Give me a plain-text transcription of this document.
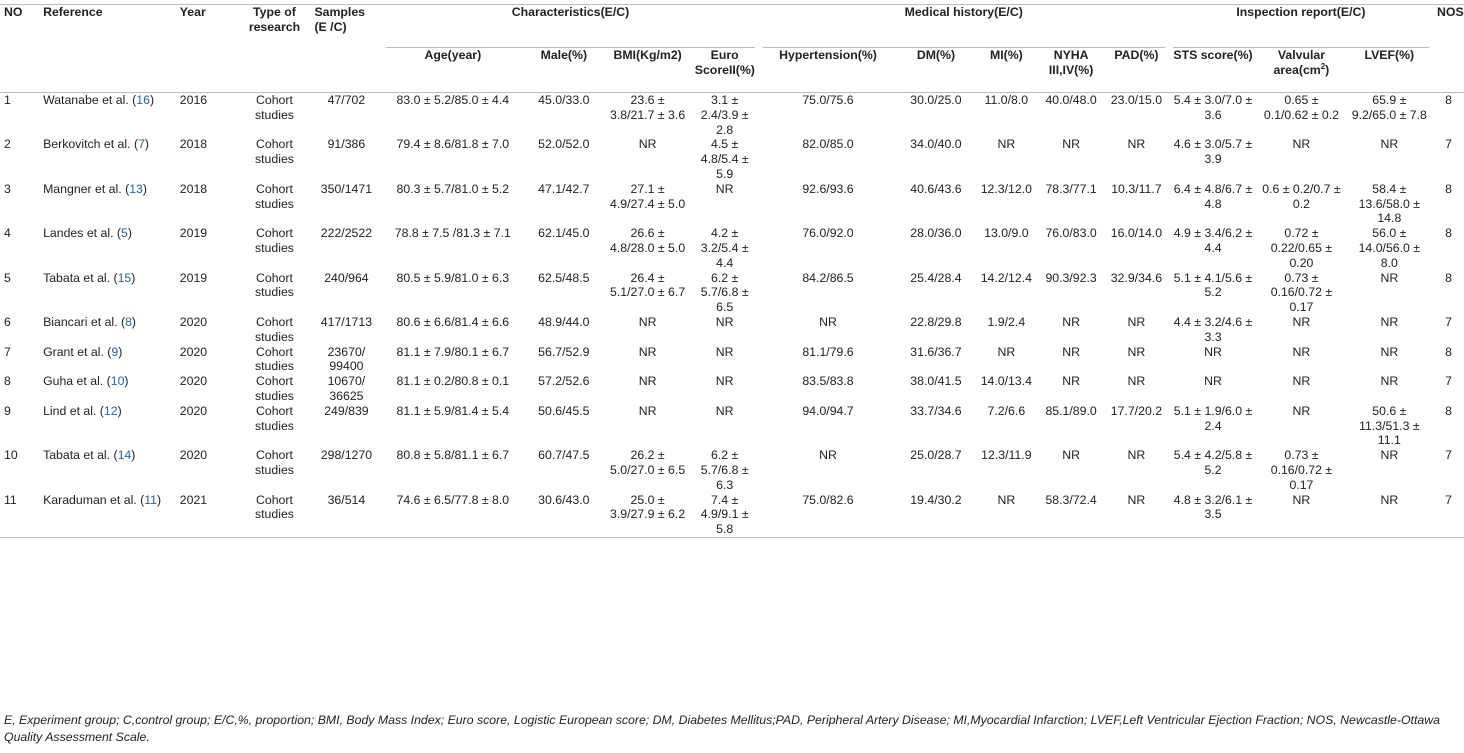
NO	Reference	Year	Type of research	Samples (E /C)	Characteristics(E/C)				Medical history(E/C)					Inspection report(E/C)			NOS
					Age(year)	Male(%)	BMI(Kg/m2)	Euro ScoreII(%)	Hypertension(%)	DM(%)	MI(%)	NYHA III,IV(%)	PAD(%)	STS score(%)	Valvular $area(cm^2)$	LVEF(%)	
1	Watanabe et al. (16)	2016	Cohort studies	47/702	83.0 ± 5.2/85.0 ± 4.4	45.0/33.0	23.6 ± 3.8/21.7 ± 3.6	3.1 ± 2.4/3.9 ± 2.8	75.0/75.6	30.0/25.0	11.0/8.0	40.0/48.0	23.0/15.0	5.4 ± 3.0/7.0 ± 3.6	0.65 ± 0.1/0.62 ± 0.2	65.9 ± 9.2/65.0 ± 7.8	8
2	Berkovitch et al. (7)	2018	Cohort studies	91/386	79.4 ± 8.6/81.8 ± 7.0	52.0/52.0	NR	4.5 ± 4.8/5.4 ± 5.9	82.0/85.0	34.0/40.0	NR	NR	NR	4.6 ± 3.0/5.7 ± 3.9	NR	NR	7
3	Mangner et al. (13)	2018	Cohort studies	350/1471	80.3 ± 5.7/81.0 ± 5.2	47.1/42.7	27.1 ± 4.9/27.4 ± 5.0	NR	92.6/93.6	40.6/43.6	12.3/12.0	78.3/77.1	10.3/11.7	6.4 ± 4.8/6.7 ± 4.8	0.6 ± 0.2/0.7 ± 0.2	58.4 ± 13.6/58.0 ± 14.8	8
4	Landes et al. (5)	2019	Cohort studies	222/2522	78.8 ± 7.5 /81.3 ± 7.1	62.1/45.0	26.6 ± 4.8/28.0 ± 5.0	4.2 ± 3.2/5.4 ± 4.4	76.0/92.0	28.0/36.0	13.0/9.0	76.0/83.0	16.0/14.0	4.9 ± 3.4/6.2 ± 4.4	0.72 ± 0.22/0.65 ± 0.20	56.0 ± 14.0/56.0 ± 8.0	8
5	Tabata et al. (15)	2019	Cohort studies	240/964	80.5 ± 5.9/81.0 ± 6.3	62.5/48.5	26.4 ± 5.1/27.0 ± 6.7	6.2 ± 5.7/6.8 ± 6.5	84.2/86.5	25.4/28.4	14.2/12.4	90.3/92.3	32.9/34.6	5.1 ± 4.1/5.6 ± 5.2	0.73 ± 0.16/0.72 ± 0.17	NR	8
6	Biancari et al. (8)	2020	Cohort studies	417/1713	80.6 ± 6.6/81.4 ± 6.6	48.9/44.0	NR	NR	NR	22.8/29.8	1.9/2.4	NR	NR	4.4 ± 3.2/4.6 ± 3.3	NR	NR	7
7	Grant et al. (9)	2020	Cohort studies	23670/ 99400	81.1 ± 7.9/80.1 ± 6.7	56.7/52.9	NR	NR	81.1/79.6	31.6/36.7	NR	NR	NR	NR	NR	NR	8
8	Guha et al. (10)	2020	Cohort studies	10670/ 36625	81.1 ± 0.2/80.8 ± 0.1	57.2/52.6	NR	NR	83.5/83.8	38.0/41.5	14.0/13.4	NR	NR	NR	NR	NR	7
9	Lind et al. (12)	2020	Cohort studies	249/839	81.1 ± 5.9/81.4 ± 5.4	50.6/45.5	NR	NR	94.0/94.7	33.7/34.6	7.2/6.6	85.1/89.0	17.7/20.2	5.1 ± 1.9/6.0 ± 2.4	NR	50.6 ± 11.3/51.3 ± 11.1	8
10	Tabata et al. (14)	2020	Cohort studies	298/1270	80.8 ± 5.8/81.1 ± 6.7	60.7/47.5	26.2 ± 5.0/27.0 ± 6.5	6.2 ± 5.7/6.8 ± 6.3	NR	25.0/28.7	12.3/11.9	NR	NR	5.4 ± 4.2/5.8 ± 5.2	0.73 ± 0.16/0.72 ± 0.17	NR	7
11	Karaduman et al. (11)	2021	Cohort studies	36/514	74.6 ± 6.5/77.8 ± 8.0	30.6/43.0	25.0 ± 3.9/27.9 ± 6.2	7.4 ± 4.9/9.1 ± 5.8	75.0/82.6	19.4/30.2	NR	58.3/72.4	NR	4.8 ± 3.2/6.1 ± 3.5	NR	NR	7
E, Experiment group; C,control group; E/C,%, proportion; BMI, Body Mass Index; Euro score, Logistic European score; DM, Diabetes Mellitus;PAD, Peripheral Artery Disease; MI,Myocardial Infarction; LVEF,Left Ventricular Ejection Fraction; NOS, Newcastle-Ottawa Quality Assessment Scale.
